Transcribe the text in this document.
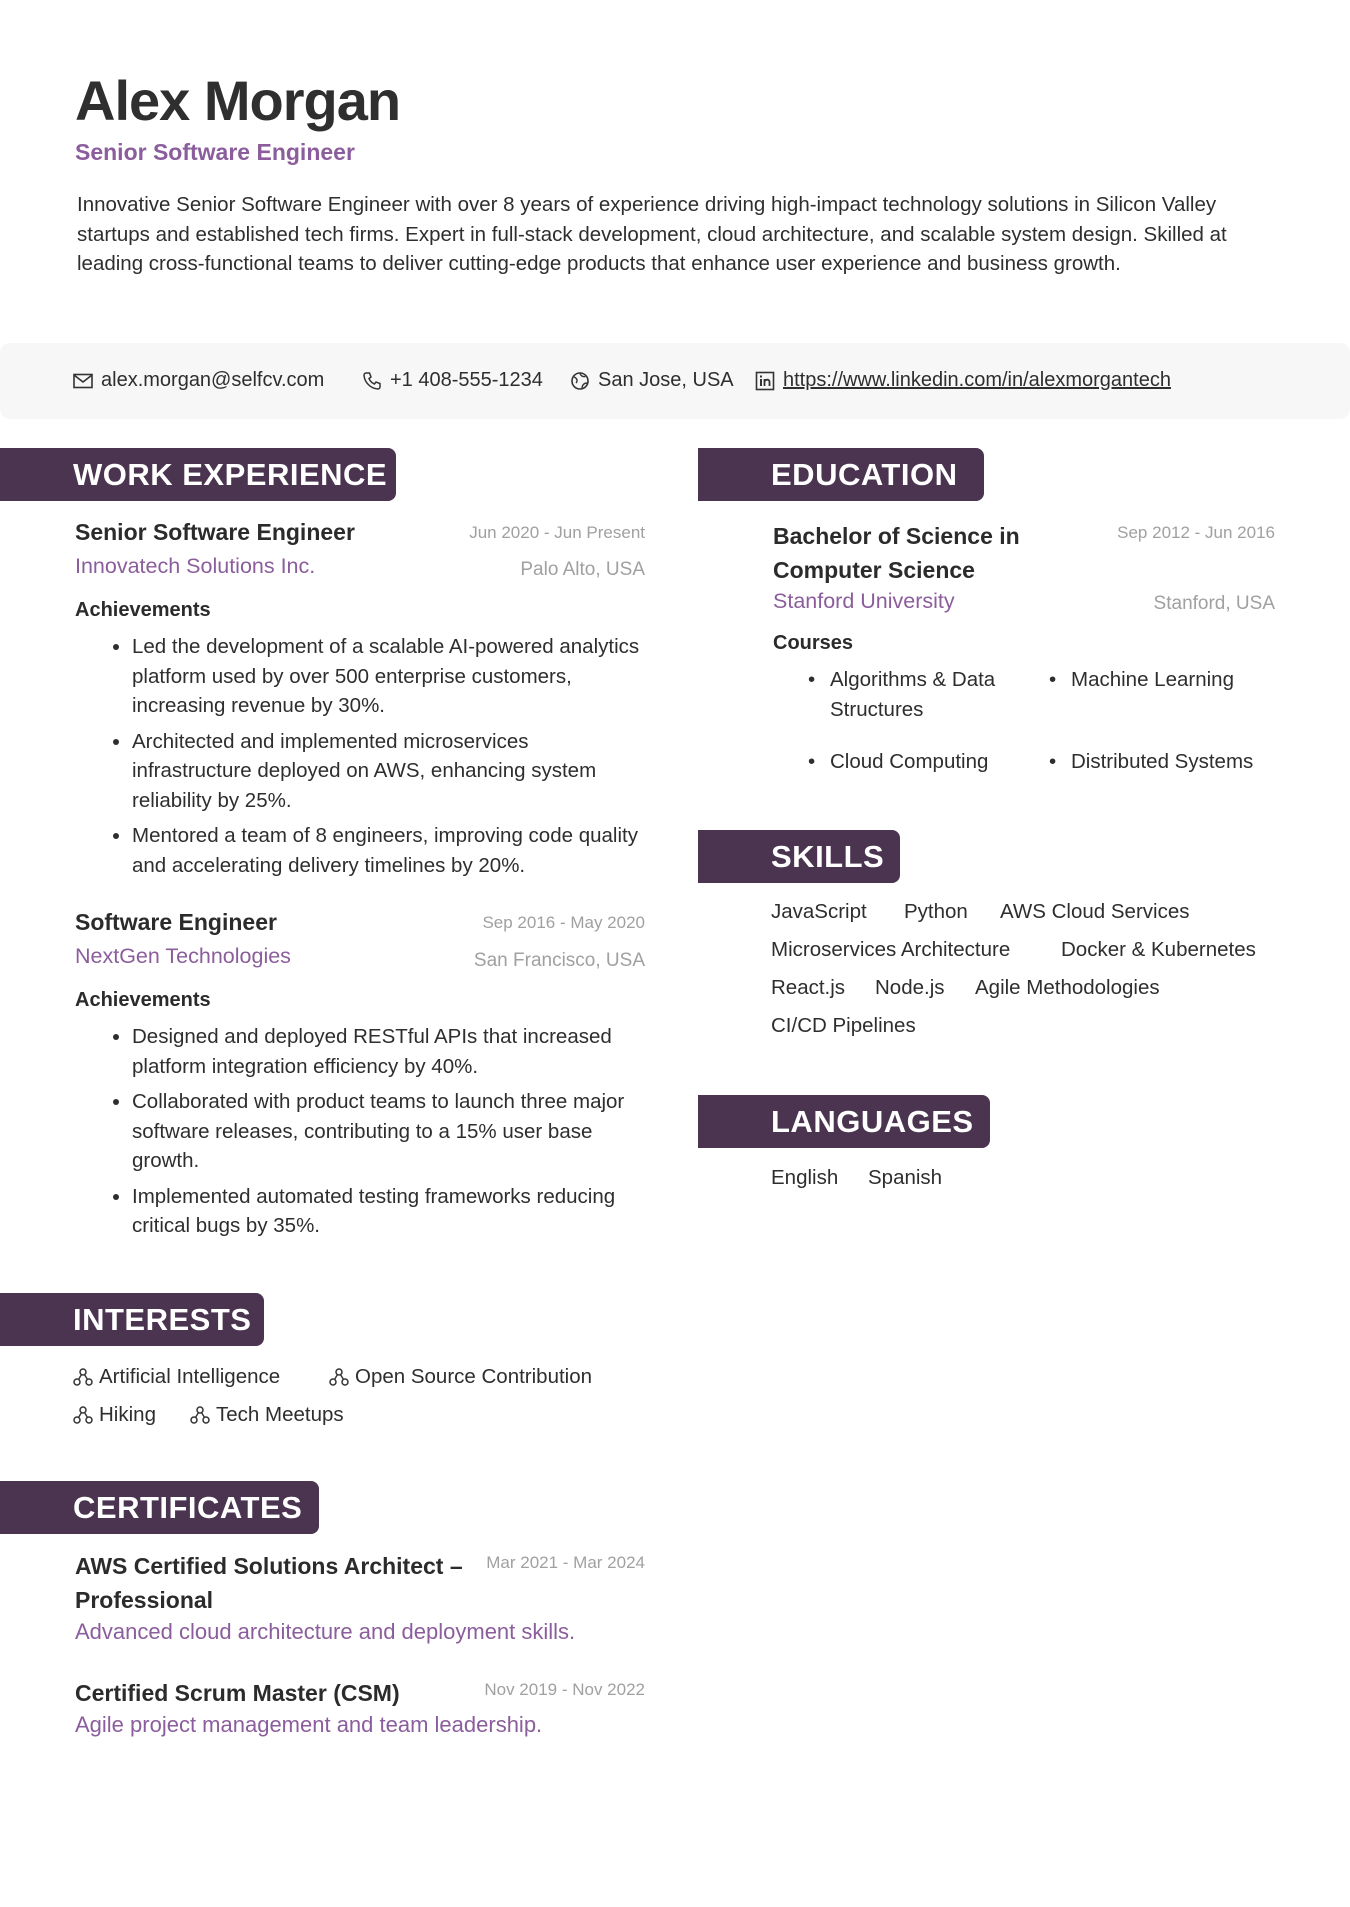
Alex Morgan
Senior Software Engineer

Innovative Senior Software Engineer with over 8 years of experience driving high-impact technology solutions in Silicon Valley startups and established tech firms. Expert in full-stack development, cloud architecture, and scalable system design. Skilled at leading cross-functional teams to deliver cutting-edge products that enhance user experience and business growth.

alex.morgan@selfcv.com	+1 408-555-1234	San Jose, USA https://www.linkedin.com/in/alexmorgantech
WORK EXPERIENCE
Senior Software Engineer	Jun 2020 - Jun Present
Innovatech Solutions Inc.	Palo Alto, USA
Achievements
• Led the development of a scalable AI-powered analytics platform used by over 500 enterprise customers, increasing revenue by 30%.
• Architected and implemented microservices infrastructure deployed on AWS, enhancing system reliability by 25%.
• Mentored a team of 8 engineers, improving code quality and accelerating delivery timelines by 20%.
Software Engineer	Sep 2016 - May 2020
NextGen Technologies	San Francisco, USA
Achievements
• Designed and deployed RESTful APIs that increased platform integration efficiency by 40%.
• Collaborated with product teams to launch three major software releases, contributing to a 15% user base growth.
• Implemented automated testing frameworks reducing critical bugs by 35%.
EDUCATION
Bachelor of Science in Computer Science
Sep 2012 - Jun 2016
Stanford University	Stanford, USA
Courses
• Algorithms & Data Structures
• Machine Learning
• Cloud Computing
•	Distributed Systems
SKILLS
JavaScript Python AWS Cloud Services
Microservices Architecture Docker & Kubernetes
React.js Node.js Agile Methodologies
CI/CD Pipelines
LANGUAGES
English Spanish
INTERESTS
Artificial Intelligence	Open Source Contribution
Hiking	Tech Meetups
CERTIFICATES
AWS Certified Solutions Architect – Professional
Mar 2021 - Mar 2024
Advanced cloud architecture and deployment skills.
Certified Scrum Master (CSM)	Nov 2019 - Nov 2022
Agile project management and team leadership.
